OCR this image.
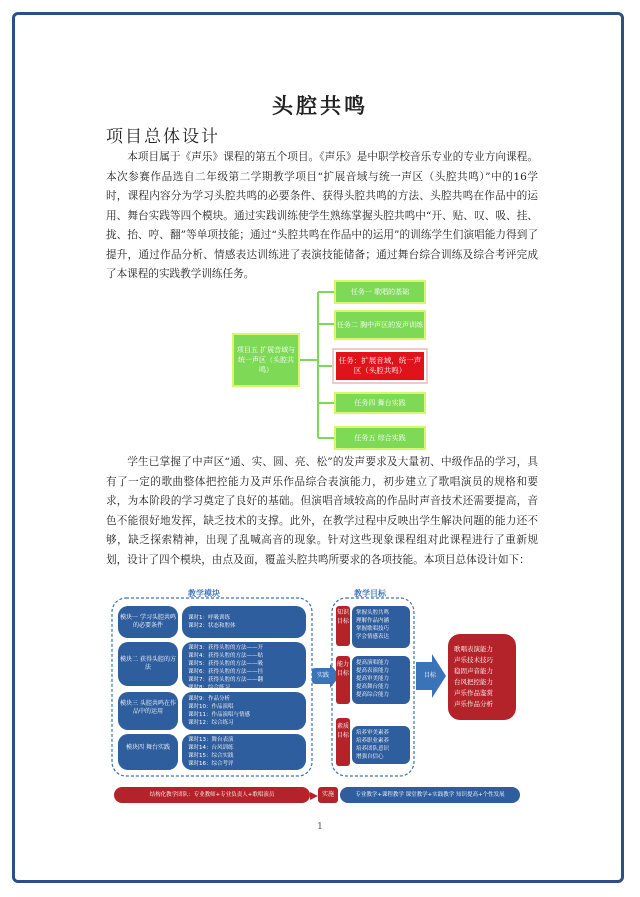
头腔共鸣
项目总体设计

本项目属于《声乐》课程的第五个项目。《声乐》是中职学校音乐专业的专业方向课程。本次参赛作品选自二年级第二学期教学项目“扩展音域与统一声区（头腔共鸣）”中的16学时，课程内容分为学习头腔共鸣的必要条件、获得头腔共鸣的方法、头腔共鸣在作品中的运用、舞台实践等四个模块。通过实践训练使学生熟练掌握头腔共鸣中“开、贴、叹、吸、挂、拢、抬、哼、翻”等单项技能；通过“头腔共鸣在作品中的运用”的训练学生们演唱能力得到了提升，通过作品分析、情感表达训练进了表演技能储备；通过舞台综合训练及综合考评完成了本课程的实践教学训练任务。

项目五 扩展音域与统一声区（头腔共鸣）
任务一 歌唱的基础
任务二 胸中声区的发声训练
任务：扩展音域，统一声区（头腔共鸣）
任务四 舞台实践
任务五 综合实践

学生已掌握了中声区“通、实、圆、亮、松”的发声要求及大量初、中级作品的学习，具有了一定的歌曲整体把控能力及声乐作品综合表演能力，初步建立了歌唱演员的规格和要求，为本阶段的学习奠定了良好的基础。但演唱音域较高的作品时声音技术还需要提高，音色不能很好地发挥，缺乏技术的支撑。此外，在教学过程中反映出学生解决问题的能力还不够，缺乏探索精神，出现了乱喊高音的现象。针对这些现象课程组对此课程进行了重新规划，设计了四个模块，由点及面，覆盖头腔共鸣所要求的各项技能。本项目总体设计如下：

教学模块	教学目标
模块一 学习头腔共鸣的必要条件
课时1：呼吸训练
课时2：状态和腔体
模块二 获得头腔的方法
课时3：获得头腔的方法——开
课时4：获得头腔的方法——贴
课时5：获得头腔的方法——吸
课时6：获得头腔的方法——挂
课时7：获得头腔的方法——翻
课时8：综合练习
模块三 头腔共鸣在作品中的运用
课时9：作品分析
课时10：作品演唱
课时11：作品演唱与情感
课时12：综合练习
模块四 舞台实践
课时13：舞台表演
课时14：台风训练
课时15：综合实践
课时16：综合考评
实践
知识目标
掌握头腔共鸣
理解作品内涵
掌握歌唱技巧
学会情感表达
能力目标
提高演唱能力
提高表演能力
提高审美能力
提高舞台能力
提高综合能力
素质目标 培养审美素养
培养职业素养
培养团队意识
增强自信心
目标
歌唱表演能力
声乐技术技巧
稳固声音能力
台风把控能力
声乐作品鉴赏
声乐作品分析
结构化教学团队：专业教师+专业负责人+歌唱演员	实施	专业教学+课程教学 课堂教学+实践教学 知识提高+个性发展
1
